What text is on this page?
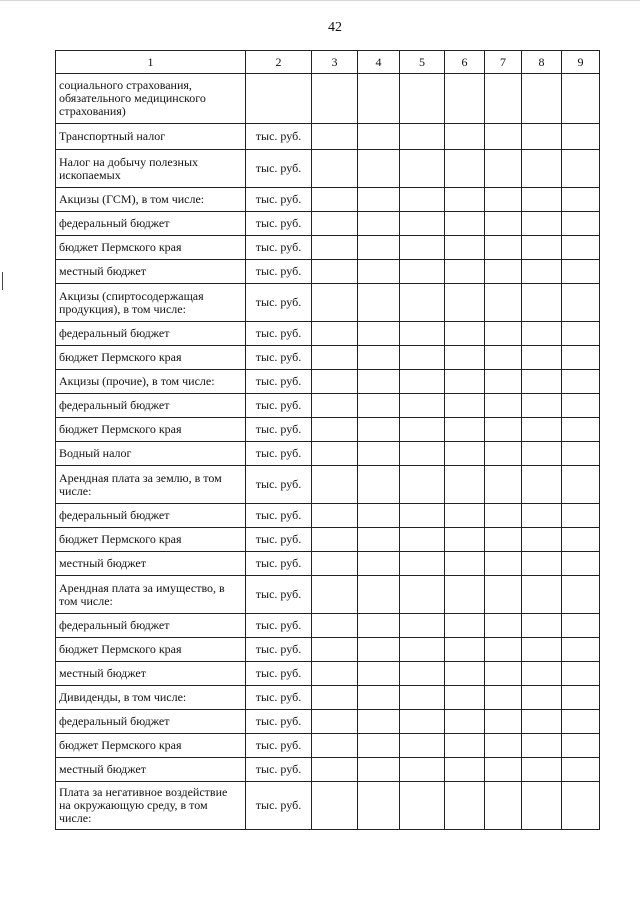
42
1	2	3	4	5	6	7	8	9
социального страхования, обязательного медицинского страхования)								
Транспортный налог	тыс. руб.							
Налог на добычу полезных ископаемых	тыс. руб.							
Акцизы (ГСМ), в том числе:	тыс. руб.							
федеральный бюджет	тыс. руб.							
бюджет Пермского края	тыс. руб.							
местный бюджет	тыс. руб.							
Акцизы (спиртосодержащая продукция), в том числе:	тыс. руб.							
федеральный бюджет	тыс. руб.							
бюджет Пермского края	тыс. руб.							
Акцизы (прочие), в том числе:	тыс. руб.							
федеральный бюджет	тыс. руб.							
бюджет Пермского края	тыс. руб.							
Водный налог	тыс. руб.							
Арендная плата за землю, в том числе:	тыс. руб.							
федеральный бюджет	тыс. руб.							
бюджет Пермского края	тыс. руб.							
местный бюджет	тыс. руб.							
Арендная плата за имущество, в том числе:	тыс. руб.							
федеральный бюджет	тыс. руб.							
бюджет Пермского края	тыс. руб.							
местный бюджет	тыс. руб.							
Дивиденды, в том числе:	тыс. руб.							
федеральный бюджет	тыс. руб.							
бюджет Пермского края	тыс. руб.							
местный бюджет	тыс. руб.							
Плата за негативное воздействие на окружающую среду, в том числе:	тыс. руб.							
